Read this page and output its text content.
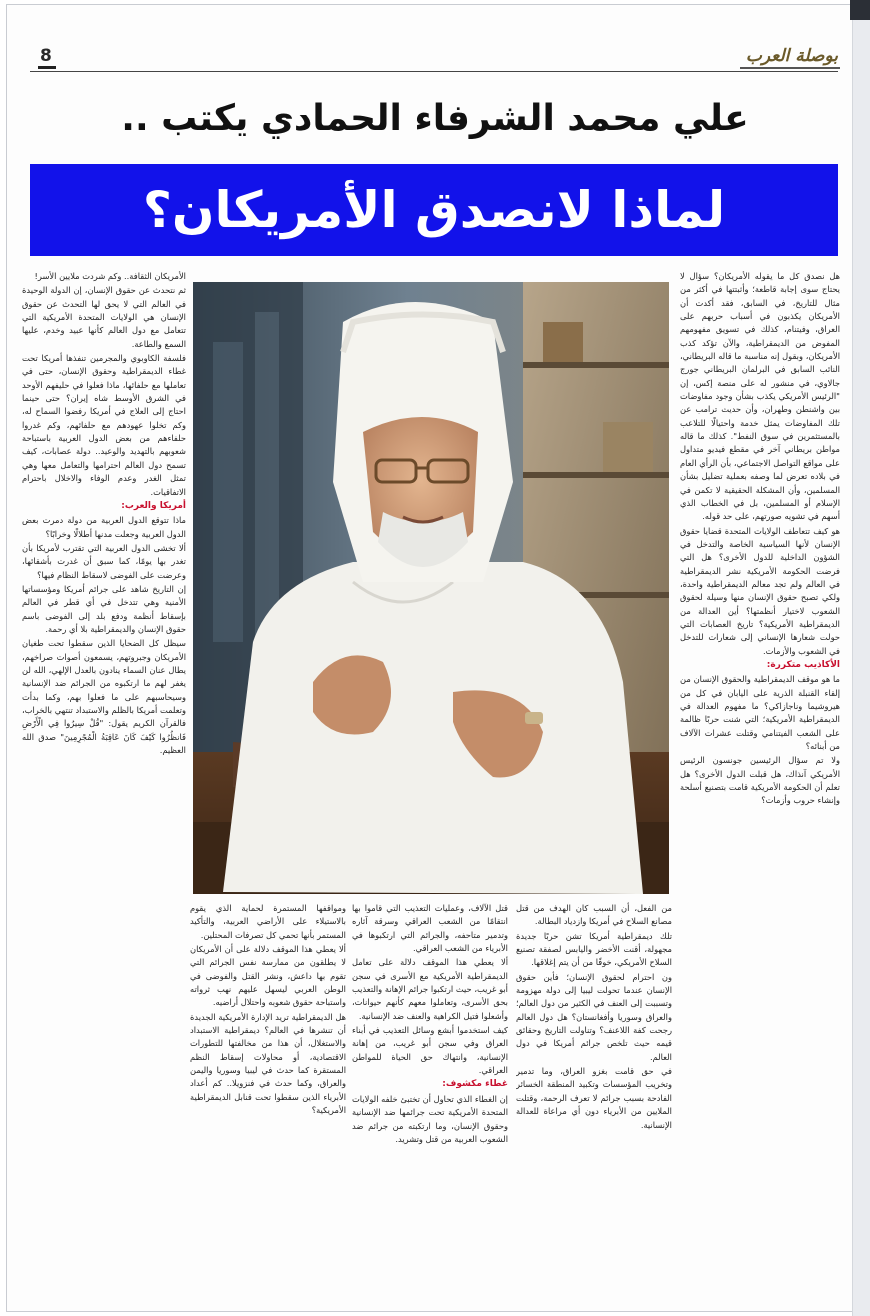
8	بوصلة العرب
علي محمد الشرفاء الحمادي يكتب ..
لماذا لانصدق الأمريكان؟

هل نصدق كل ما يقوله الأمريكان؟ سؤال لا يحتاج سوى إجابة قاطعة؛ وأثبتتها في أكثر من مثال للتاريخ، في السابق، فقد أكدت أن الأمريكان يكذبون في أسباب حربهم على العراق، وفيتنام، كذلك في تسويق مفهومهم المفوض من الديمقراطية، والآن تؤكد كذب الأمريكان، وبقول إنه مناسبة ما قاله البريطاني، النائب السابق في البرلمان البريطاني جورج جالاوي، في منشور له على منصة إكس، إن "الرئيس الأمريكي يكذب بشأن وجود مفاوضات بين واشنطن وطهران، وأن حديث ترامب عن تلك المفاوضات يمثل خدمة واحتيالًا للتلاعب بالمستثمرين في سوق النفط". كذلك ما قاله مواطن بريطاني آخر في مقطع فيديو متداول على مواقع التواصل الاجتماعي، بأن الرأي العام في بلاده تعرض لما وصفه بعملية تضليل بشأن المسلمين، وأن المشكلة الحقيقية لا تكمن في الإسلام أو المسلمين، بل في الخطاب الذي أسهم في تشويه صورتهم، على حد قوله.

هو كيف تتعاطف الولايات المتحدة قضايا حقوق الإنسان لأنها السياسية الخاصة والتدخل في الشؤون الداخلية للدول الأخرى؟ هل التي فرضت الحكومة الأمريكية نشر الديمقراطية في العالم ولم تجد معالم الديمقراطية واحدة، ولكي تصبح حقوق الإنسان منها وسيلة لحقوق الشعوب لاختيار أنظمتها؟ أين العدالة من الديمقراطية الأمريكية؟ تاريخ العصابات التي حولت شعارها الإنساني إلى شعارات للتدخل في الشعوب والأزمات.

الأكاذيب متكررة:

ما هو موقف الديمقراطية والحقوق الإنسان من إلقاء القنبلة الذرية على اليابان في كل من هيروشيما وناجازاكي؟ ما مفهوم العدالة في الديمقراطية الأمريكية؛ التي شنت حربًا ظالمة على الشعب الفيتنامي وقتلت عشرات الآلاف من أبنائه؟

ولا تم سؤال الرئيسين جونسون الرئيس الأمريكي آنذاك، هل قبلت الدول الأخرى؟ هل تعلم أن الحكومة الأمريكية قامت بتصنيع أسلحة وإنشاء حروب وأزمات؟

الأمريكان الثقافة.. وكم شردت ملايين الأسر!

ثم نتحدث عن حقوق الإنسان، إن الدولة الوحيدة في العالم التي لا يحق لها التحدث عن حقوق الإنسان هي الولايات المتحدة الأمريكية التي تتعامل مع دول العالم كأنها عبيد وخدم، عليها السمع والطاعة.

فلسفة الكاوبوي والمجرمين تنفذها أمريكا تحت غطاء الديمقراطية وحقوق الإنسان، حتى في تعاملها مع حلفائها، ماذا فعلوا في حليفهم الأوحد في الشرق الأوسط شاه إيران؟ حتى حينما احتاج إلى العلاج في أمريكا رفضوا السماح له، وكم تخلوا عهودهم مع حلفائهم، وكم غدروا حلفاءهم من بعض الدول العربية باستباحة شعوبهم بالتهديد والوعيد.. دولة عصابات، كيف تسمح دول العالم احترامها والتعامل معها وهي تمثل الغدر وعدم الوفاء والاخلال باحترام الاتفاقيات.

أمريكا والعرب:

ماذا تتوقع الدول العربية من دولة دمرت بعض الدول العربية وجعلت مدنها أطلالًا وخرابًا؟

ألا تخشى الدول العربية التي تقترب لأمريكا بأن تغدر بها يومًا، كما سبق أن غدرت بأشقائها، وعرضت على الفوضى لاسقاط النظام فيها؟

إن التاريخ شاهد على جرائم أمريكا ومؤسساتها الأمنية وهي تتدخل في أي قطر في العالم بإسقاط أنظمة ودفع بلد إلى الفوضى باسم حقوق الإنسان والديمقراطية بلا أي رحمة.

سيظل كل الضحايا الذين سقطوا تحت طغيان الأمريكان وجبروتهم، يسمعون أصوات صراخهم، يطال عنان السماء ينادون بالعدل الإلهي، الله لن يغفر لهم ما ارتكبوه من الجرائم ضد الإنسانية وسيحاسبهم على ما فعلوا بهم، وكما بدأت وتعلمت أمريكا بالظلم والاستبداد تنتهي بالخراب، فالقرآن الكريم يقول: "قُلْ سِيرُوا فِي الْأَرْضِ فَانظُرُوا كَيْفَ كَانَ عَاقِبَةُ الْمُجْرِمِينَ" صدق الله العظيم.

من الفعل، أن السبب كان الهدف من قتل مصانع السلاح في أمريكا وازدياد البطالة.

تلك ديمقراطية أمريكا تشن حربًا جديدة مجهولة، أقنت الأخضر واليابس لصفقة تصنيع السلاح الأمريكي، خوفًا من أن يتم إغلاقها.

ون احترام لحقوق الإنسان؛ فأين حقوق الإنسان عندما تحولت ليبيا إلى دولة مهزومة وتسببت إلى العنف في الكثير من دول العالم؛ والعراق وسوريا وأفغانستان؟ هل دول العالم رجحت كفة اللاعنف؟ وتناولت التاريخ وحقائق قيمه حيث تلخص جرائم أمريكا في دول العالم.

في حق قامت بغزو العراق، وما تدمير وتخريب المؤسسات وتكبيد المنطقة الخسائر الفادحة بسبب جرائم لا تعرف الرحمة، وقتلت الملايين من الأبرياء دون أي مراعاة للعدالة الإنسانية.

قتل الآلاف، وعمليات التعذيب التي قاموا بها انتقامًا من الشعب العراقي وسرقة آثاره وتدمير متاحفه، والجرائم التي ارتكبوها في الأبرياء من الشعب العراقي.

ألا يعطي هذا الموقف دلالة على تعامل الديمقراطية الأمريكية مع الأسرى في سجن أبو غريب، حيث ارتكبوا جرائم الإهانة والتعذيب بحق الأسرى، وتعاملوا معهم كأنهم حيوانات، وأشعلوا فتيل الكراهية والعنف ضد الإنسانية.

كيف استخدموا أبشع وسائل التعذيب في أبناء العراق وفي سجن أبو غريب، من إهانة الإنسانية، وانتهاك حق الحياة للمواطن العراقي.

غطاء مكشوف:

إن الغطاء الذي تحاول أن تختبئ خلفه الولايات المتحدة الأمريكية تحت جرائمها ضد الإنسانية وحقوق الإنسان، وما ارتكبته من جرائم ضد الشعوب العربية من قتل وتشريد.

ومواقفها المستمرة لحماية الذي يقوم بالاستيلاء على الأراضي العربية، والتأكيد المستمر بأنها تحمي كل تصرفات المحتلين.

ألا يعطي هذا الموقف دلالة على أن الأمريكان لا يطلقون من ممارسة نفس الجرائم التي تقوم بها داعش، ونشر القتل والفوضى في الوطن العربي ليسهل عليهم نهب ثرواته واستباحة حقوق شعوبه واحتلال أراضيه.

هل الديمقراطية تريد الإدارة الأمريكية الجديدة أن تنشرها في العالم؟ ديمقراطية الاستبداد والاستغلال، أن هذا من مخالفتها للتطورات الاقتصادية، أو محاولات إسقاط النظم المستقرة كما حدث في ليبيا وسوريا واليمن والعراق، وكما حدث في فنزويلا.. كم أعداد الأبرياء الذين سقطوا تحت قنابل الديمقراطية الأمريكية؟
